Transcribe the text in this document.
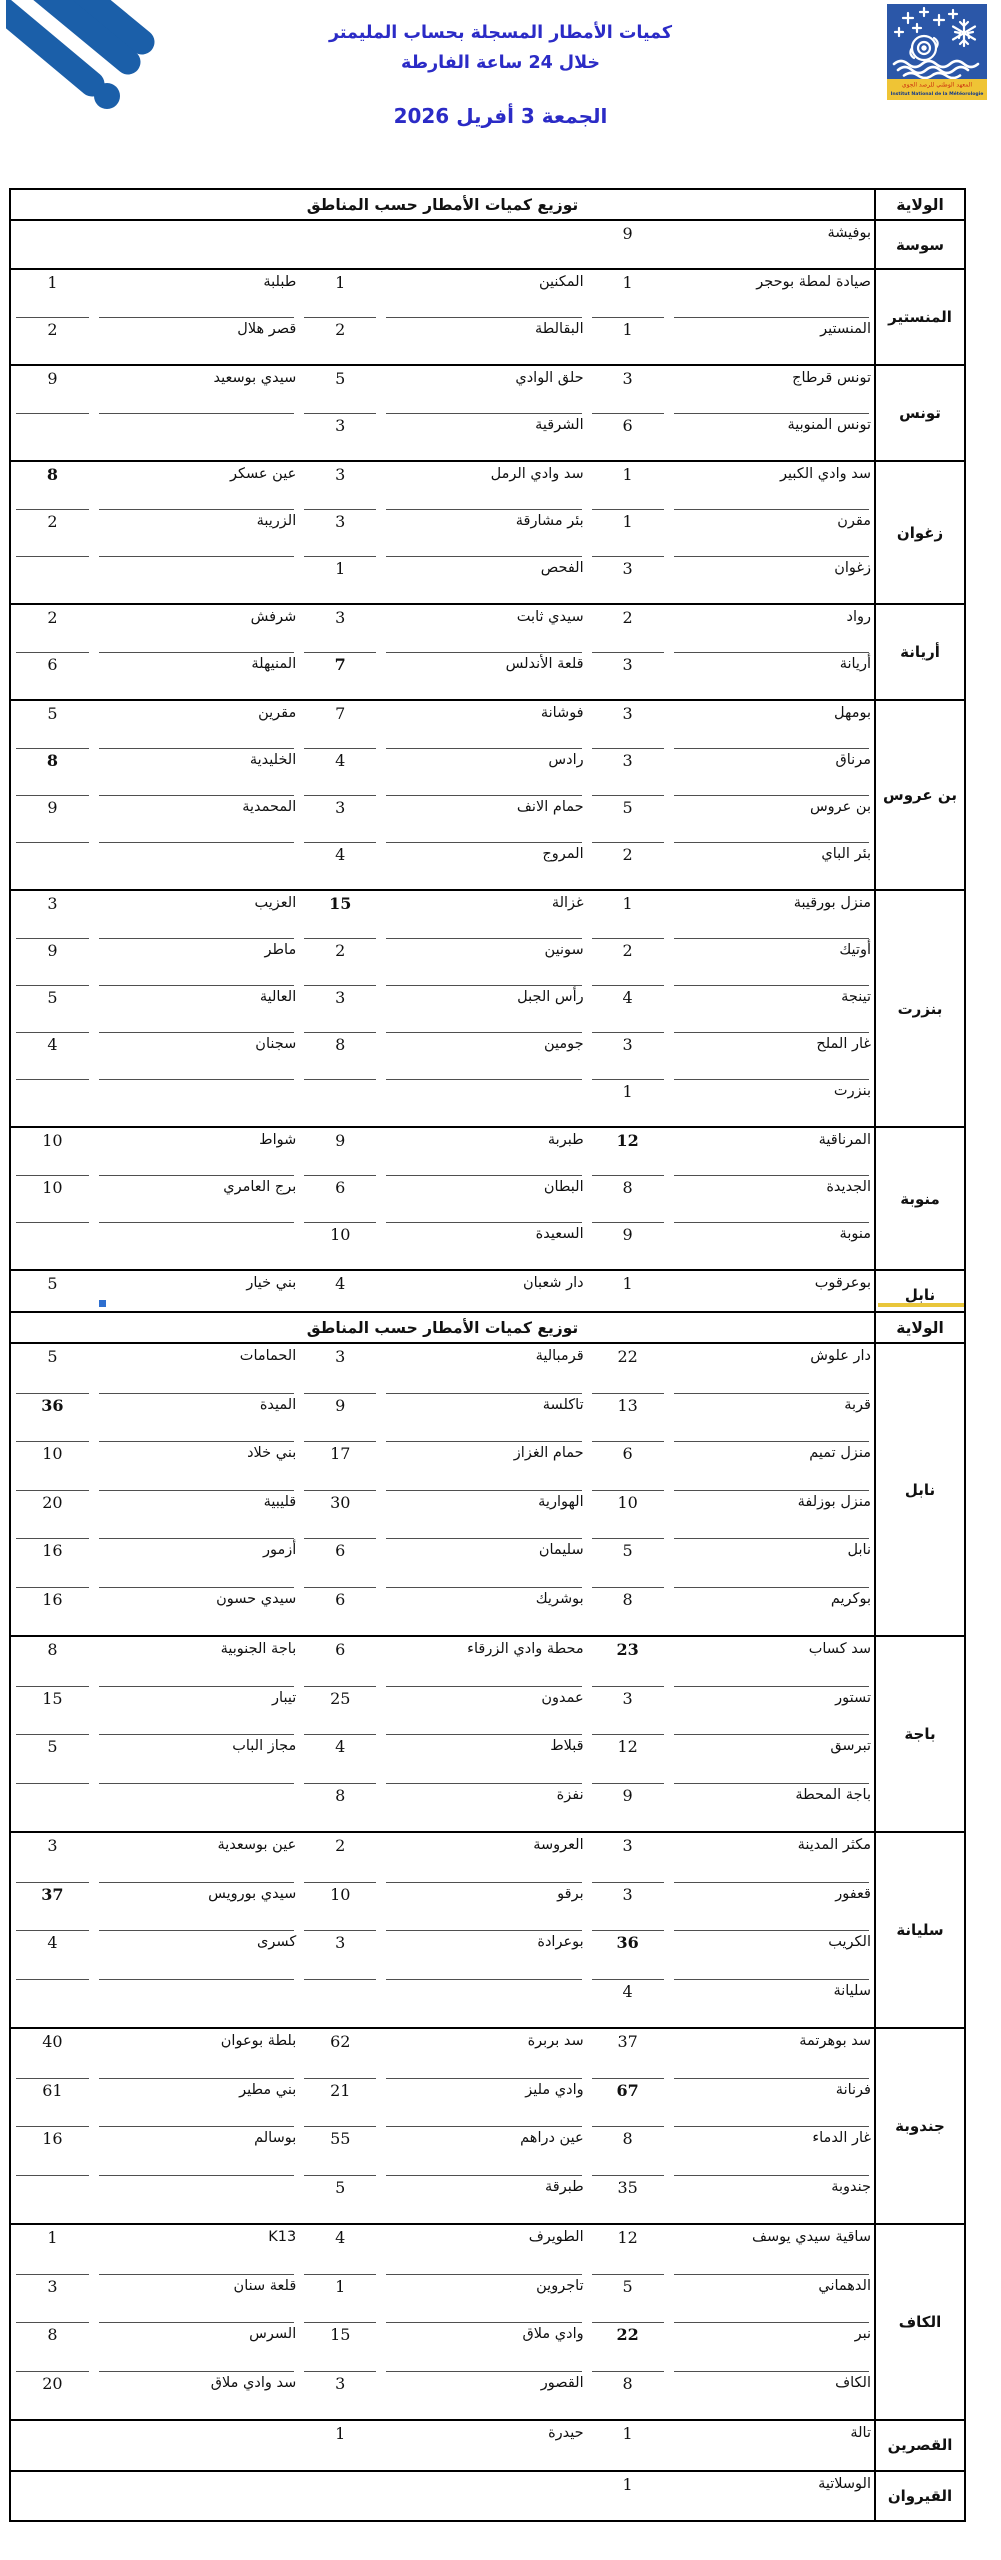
كميات الأمطار المسجلة بحساب المليمتر
خلال 24 ساعة الفارطة
الجمعة 3 أفريل 2026
المعهد الوطني للرصد الجوي
Institut National de la Météorologie
الولاية
توزيع كميات الأمطار حسب المناطق
سوسة
بوفيشة
9
المنستير
صيادة لمطة بوحجر
1
المكنين
1
طبلبة
1
المنستير
1
البقالطة
2
قصر هلال
2
تونس
تونس قرطاج
3
حلق الوادي
5
سيدي بوسعيد
9
تونس المنوبية
6
الشرقية
3
زغوان
سد وادي الكبير
1
سد وادي الرمل
3
عين عسكر
8
مقرن
1
بئر مشارقة
3
الزريبة
2
زغوان
3
الفحص
1
أريانة
رواد
2
سيدي ثابت
3
شرفش
2
أريانة
3
قلعة الأندلس
7
المنيهلة
6
بن عروس
بومهل
3
فوشانة
7
مقرين
5
مرناق
3
رادس
4
الخليدية
8
بن عروس
5
حمام الانف
3
المحمدية
9
بئر الباي
2
المروج
4
بنزرت
منزل بورقيبة
1
غزالة
15
العزيب
3
أوتيك
2
سونين
2
ماطر
9
تينجة
4
رأس الجبل
3
العالية
5
غار الملح
3
جومين
8
سجنان
4
بنزرت
1
منوبة
المرناقية
12
طبربة
9
شواط
10
الجديدة
8
البطان
6
برج العامري
10
منوبة
9
السعيدة
10
نابل
بوعرقوب
1
دار شعبان
4
بني خيار
5
الولاية
توزيع كميات الأمطار حسب المناطق
نابل
دار علوش
22
قرمبالية
3
الحمامات
5
قربة
13
تاكلسة
9
الميدة
36
منزل تميم
6
حمام الغزاز
17
بني خلاد
10
منزل بوزلفة
10
الهوارية
30
قليبية
20
نابل
5
سليمان
6
أزمور
16
بوكريم
8
بوشريك
6
سيدي حسون
16
باجة
سد كساب
23
محطة وادي الزرقاء
6
باجة الجنوبية
8
تستور
3
عمدون
25
تيبار
15
تبرسق
12
قبلاط
4
مجاز الباب
5
باجة المحطة
9
نفزة
8
سليانة
مكثر المدينة
3
العروسة
2
عين بوسعدية
3
قعفور
3
برقو
10
سيدي بورويس
37
الكريب
36
بوعرادة
3
كسرى
4
سليانة
4
جندوبة
سد بوهرتمة
37
سد بربرة
62
بلطة بوعوان
40
فرنانة
67
وادي مليز
21
بني مطير
61
غار الدماء
8
عين دراهم
55
بوسالم
16
جندوبة
35
طبرقة
5
الكاف
ساقية سيدي يوسف
12
الطويرف
4
K13
1
الدهماني
5
تاجروين
1
قلعة سنان
3
نبر
22
وادي ملاق
15
السرس
8
الكاف
8
القصور
3
سد وادي ملاق
20
القصرين
تالة
1
حيدرة
1
القيروان
الوسلاتية
1
